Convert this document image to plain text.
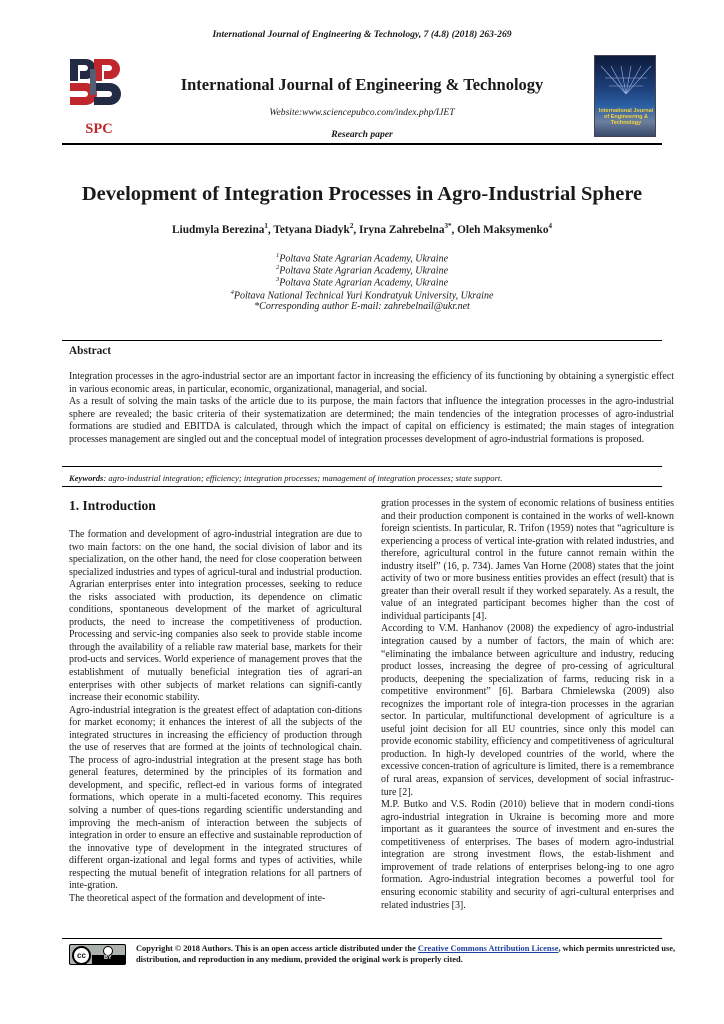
International Journal of Engineering & Technology, 7 (4.8) (2018) 263-269
SPC
International Journal of Engineering & Technology
Website:www.sciencepubco.com/index.php/IJET
Research paper
International Journal of Engineering & Technology
Development of Integration Processes in Agro-Industrial Sphere
Liudmyla Berezina$^1$, Tetyana Diadyk$^2$, Iryna Zahrebelna$^{3*}$, Oleh Maksymenko$^4$
$^1$Poltava State Agrarian Academy, Ukraine
$^2$Poltava State Agrarian Academy, Ukraine
$^3$Poltava State Agrarian Academy, Ukraine
$^4$Poltava National Technical Yuri Kondratyuk University, Ukraine
*Corresponding author E-mail: zahrebelnail@ukr.net
Abstract

Integration processes in the agro-industrial sector are an important factor in increasing the efficiency of its functioning by obtaining a synergistic effect in various economic areas, in particular, economic, organizational, managerial, and social.

As a result of solving the main tasks of the article due to its purpose, the main factors that influence the integration processes in the agro-industrial sphere are revealed; the basic criteria of their systematization are determined; the main tendencies of the integration processes of agro-industrial formations are studied and EBITDA is calculated, through which the impact of capital on efficiency is estimated; the main stages of integration processes management are singled out and the conceptual model of integration processes development of agro-industrial formations is proposed.

Keywords: agro-industrial integration; efficiency; integration processes; management of integration processes; state support.
1. Introduction

The formation and development of agro-industrial integration are due to two main factors: on the one hand, the social division of labor and its specialization, on the other hand, the need for close cooperation between specialized industries and types of agricul-tural and industrial production. Agrarian enterprises enter into integration processes, seeking to reduce the risks associated with production, its dependence on climatic conditions, spontaneous development of the market of agricultural products, the need to increase the competitiveness of production. Processing and servic-ing companies also seek to provide stable income through the availability of a reliable raw material base, markets for their prod-ucts and services. World experience of management proves that the establishment of mutually beneficial integration ties of agrari-an enterprises with other subjects of market relations can signifi-cantly increase their economic stability.

Agro-industrial integration is the greatest effect of adaptation con-ditions for market economy; it enhances the interest of all the subjects of the integrated structures in increasing the efficiency of production through the use of reserves that are formed at the joints of technological chain. The process of agro-industrial integration at the present stage has both general features, determined by the principles of its formation and development, and specific, reflect-ed in various forms of integrated formations, which operate in a multi-faceted economy. This requires solving a number of ques-tions regarding scientific understanding and improving the mech-anism of interaction between the subjects of integration in order to ensure an effective and sustainable reproduction of the innovative type of development in the integrated structures of different organ-izational and legal forms and types of activities, while respecting the mutual benefit of integration relations for all partners of inte-gration.

The theoretical aspect of the formation and development of inte-

gration processes in the system of economic relations of business entities and their production component is contained in the works of well-known foreign scientists. In particular, R. Trifon (1959) notes that “agriculture is experiencing a process of vertical inte-gration with related industries, and therefore, agricultural control in the future cannot remain within the industry itself” (16, p. 734). James Van Horne (2008) states that the joint activity of two or more business entities provides an effect (result) that is greater than their overall result if they worked separately. As a result, the value of an integrated participant becomes higher than the cost of individual participants [4].

According to V.M. Hanhanov (2008) the expediency of agro-industrial integration caused by a number of factors, the main of which are: “eliminating the imbalance between agriculture and industry, reducing product losses, increasing the degree of pro-cessing of agricultural products, deepening the specialization of farms, reducing risk in a competitive environment” [6]. Barbara Chmielewska (2009) also recognizes the important role of integra-tion processes in the agrarian sector. In particular, multifunctional development of agriculture is a useful joint decision for all EU countries, since only this model can provide economic stability, efficiency and competitiveness of agricultural production. In high-ly developed countries of the world, where the excessive concen-tration of agriculture is limited, there is a remembrance of rural areas, expansion of services, development of social infrastruc-ture [2].

M.P. Butko and V.S. Rodin (2010) believe that in modern condi-tions agro-industrial integration in Ukraine is becoming more and more important as it guarantees the source of investment and en-sures the competitiveness of enterprises. The bases of modern agro-industrial integration are strong investment flows, the estab-lishment and improvement of trade relations of enterprises belong-ing to one agro formation. Agro-industrial integration becomes a powerful tool for ensuring economic stability and security of agri-cultural enterprises and related industries [3].

cc	BY
Copyright © 2018 Authors. This is an open access article distributed under the Creative Commons Attribution License, which permits unrestricted use, distribution, and reproduction in any medium, provided the original work is properly cited.
